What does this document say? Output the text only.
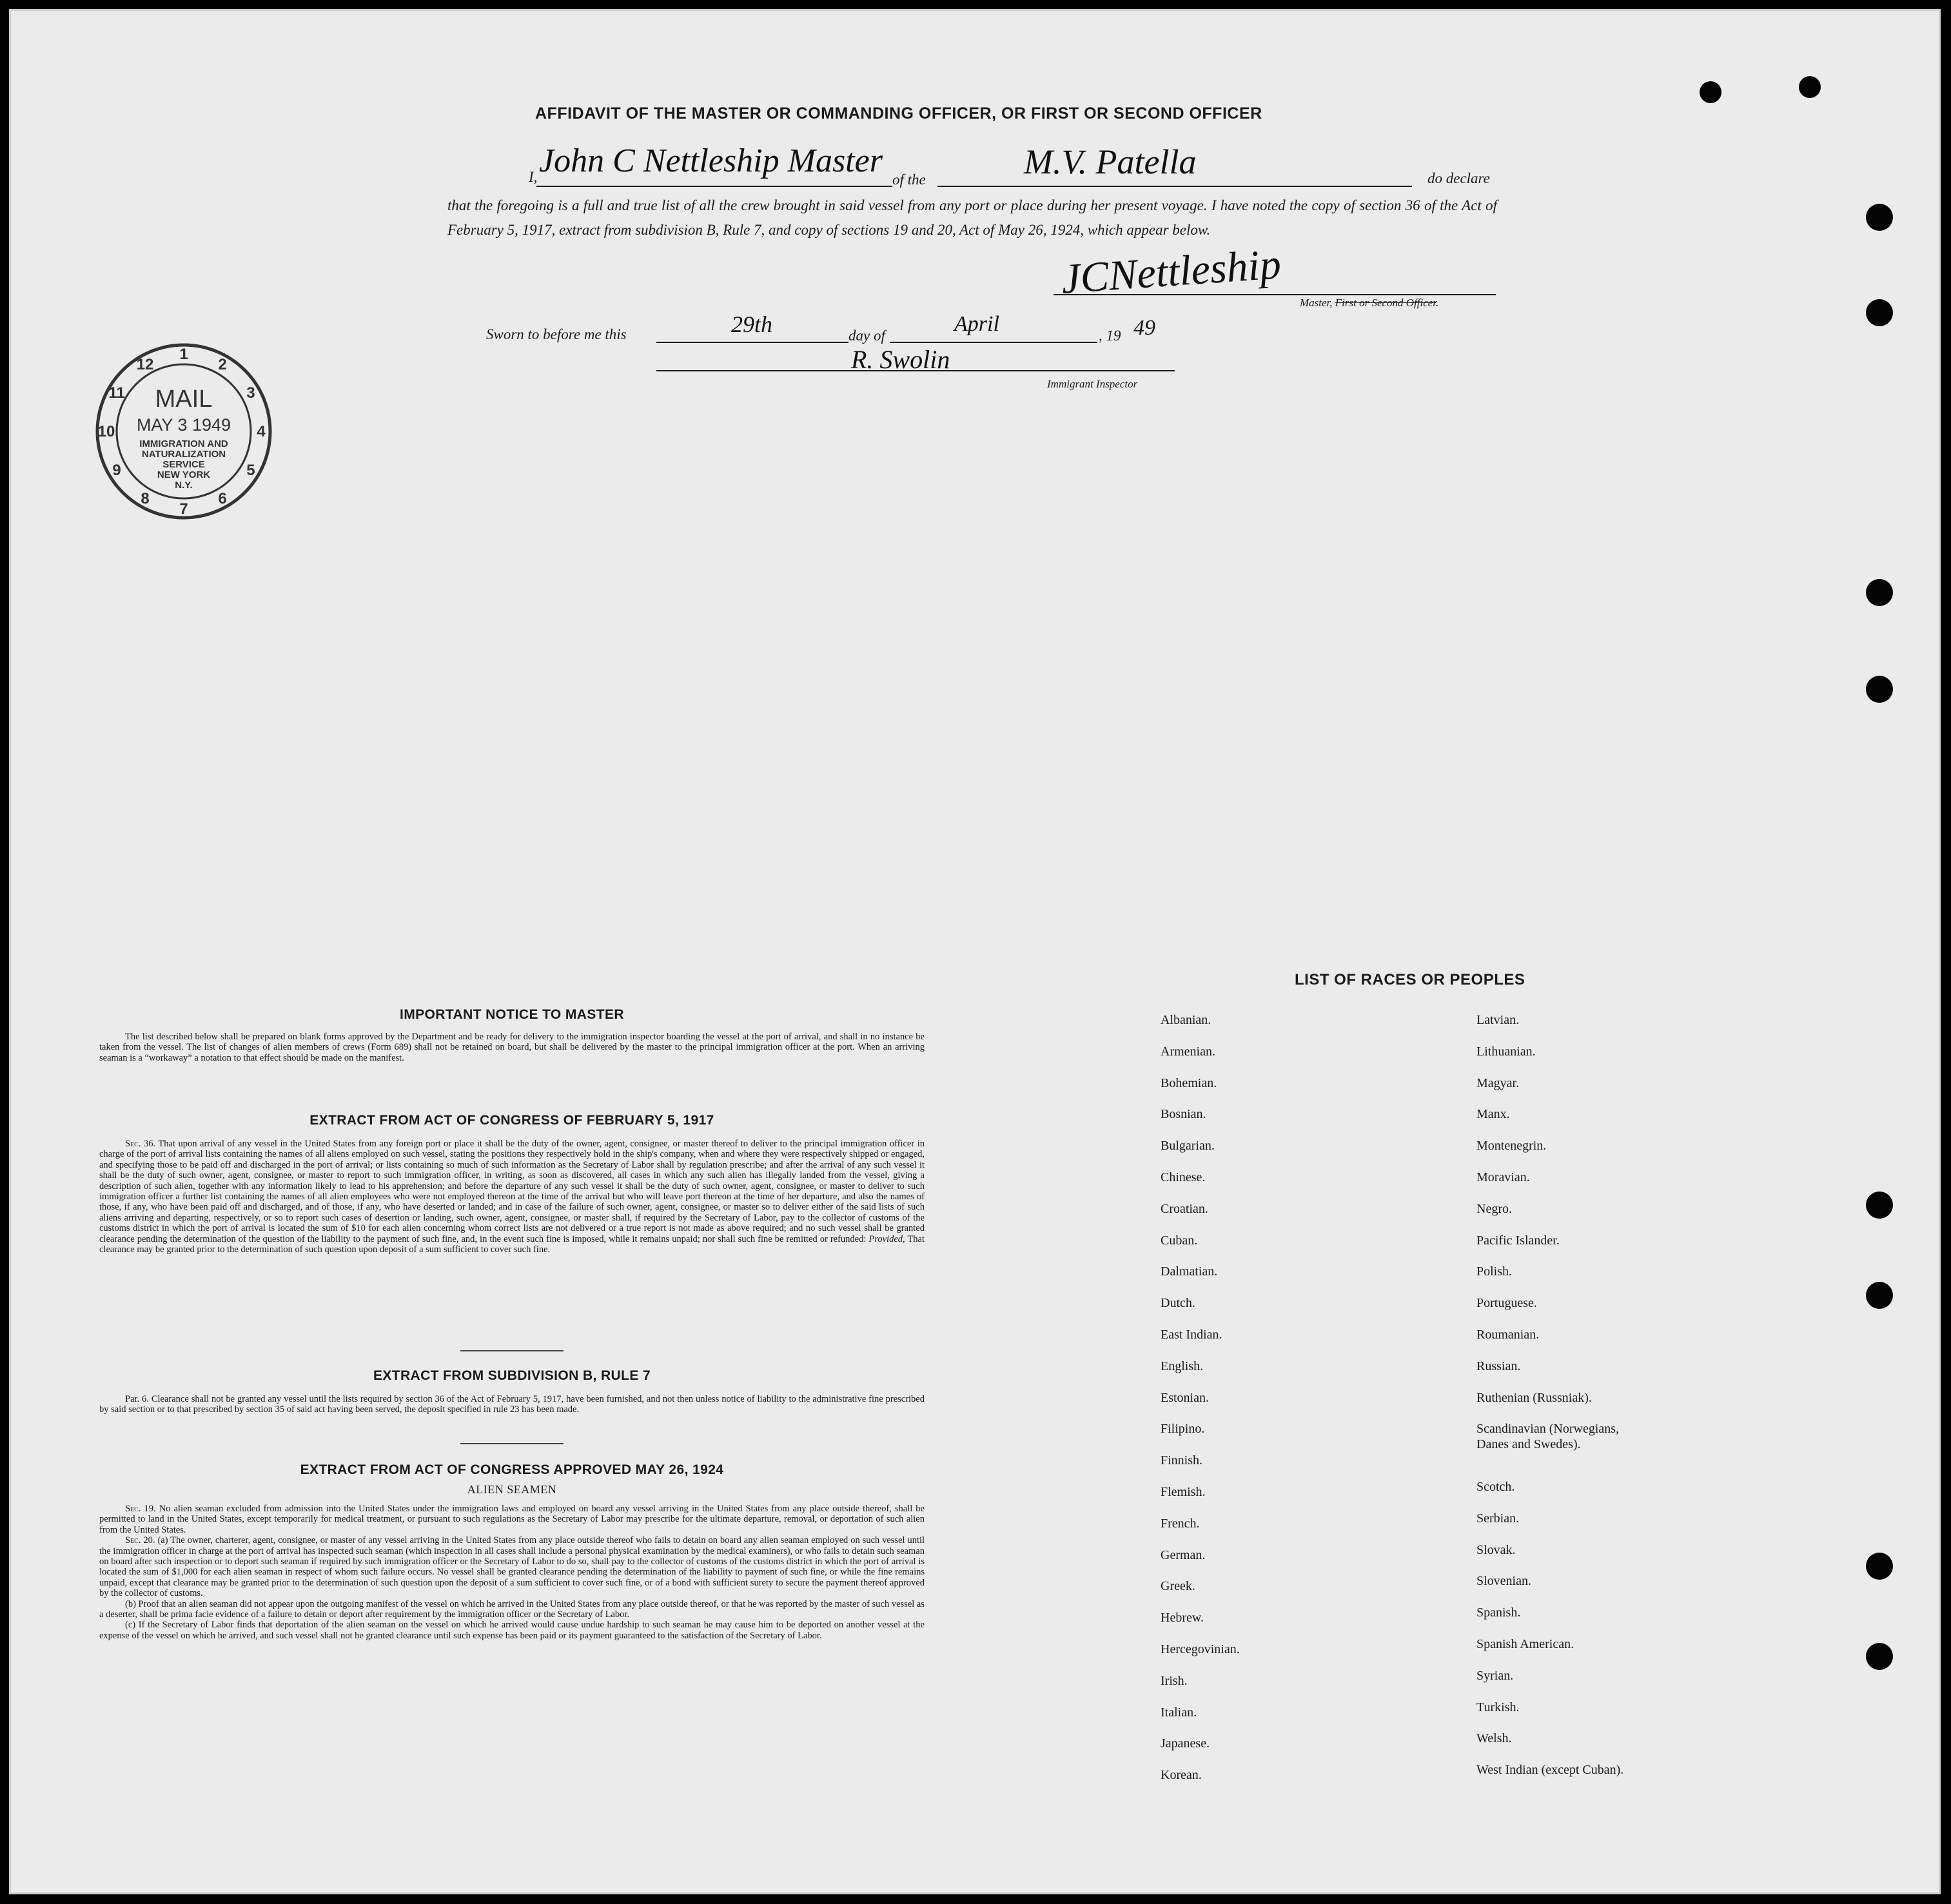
AFFIDAVIT OF THE MASTER OR COMMANDING OFFICER, OR FIRST OR SECOND OFFICER
I, John C Nettleship Master
of the	M.V. Patella	do declare
that the foregoing is a full and true list of all the crew brought in said vessel from any port or place during her present voyage. I have noted the copy of section 36 of the Act of February 5, 1917, extract from subdivision B, Rule 7, and copy of sections 19 and 20, Act of May 26, 1924, which appear below.
JCNettleship Master, First or Second Officer.
Sworn to before me this	29th	day of	April	, 19 49
R. Swolin
Immigrant Inspector
11
12
1
2
3
4
5
6
7
8
9
10
MAIL
MAY 3 1949
IMMIGRATION AND
NATURALIZATION
SERVICE
NEW YORK
N.Y.
IMPORTANT NOTICE TO MASTER
The list described below shall be prepared on blank forms approved by the Department and be ready for delivery to the immigration inspector boarding the vessel at the port of arrival, and shall in no instance be taken from the vessel. The list of changes of alien members of crews (Form 689) shall not be retained on board, but shall be delivered by the master to the principal immigration officer at the port. When an arriving seaman is a “workaway” a notation to that effect should be made on the manifest.
EXTRACT FROM ACT OF CONGRESS OF FEBRUARY 5, 1917
Sec. 36. That upon arrival of any vessel in the United States from any foreign port or place it shall be the duty of the owner, agent, consignee, or master thereof to deliver to the principal immigration officer in charge of the port of arrival lists containing the names of all aliens employed on such vessel, stating the positions they respectively hold in the ship's company, when and where they were respectively shipped or engaged, and specifying those to be paid off and discharged in the port of arrival; or lists containing so much of such information as the Secretary of Labor shall by regulation prescribe; and after the arrival of any such vessel it shall be the duty of such owner, agent, consignee, or master to report to such immigration officer, in writing, as soon as discovered, all cases in which any such alien has illegally landed from the vessel, giving a description of such alien, together with any information likely to lead to his apprehension; and before the departure of any such vessel it shall be the duty of such owner, agent, consignee, or master to deliver to such immigration officer a further list containing the names of all alien employees who were not employed thereon at the time of the arrival but who will leave port thereon at the time of her departure, and also the names of those, if any, who have been paid off and discharged, and of those, if any, who have deserted or landed; and in case of the failure of such owner, agent, consignee, or master so to deliver either of the said lists of such aliens arriving and departing, respectively, or so to report such cases of desertion or landing, such owner, agent, consignee, or master shall, if required by the Secretary of Labor, pay to the collector of customs of the customs district in which the port of arrival is located the sum of $10 for each alien concerning whom correct lists are not delivered or a true report is not made as above required; and no such vessel shall be granted clearance pending the determination of the question of the liability to the payment of such fine, and, in the event such fine is imposed, while it remains unpaid; nor shall such fine be remitted or refunded: Provided, That clearance may be granted prior to the determination of such question upon deposit of a sum sufficient to cover such fine.
EXTRACT FROM SUBDIVISION B, RULE 7
Par. 6. Clearance shall not be granted any vessel until the lists required by section 36 of the Act of February 5, 1917, have been furnished, and not then unless notice of liability to the administrative fine prescribed by said section or to that prescribed by section 35 of said act having been served, the deposit specified in rule 23 has been made.
EXTRACT FROM ACT OF CONGRESS APPROVED MAY 26, 1924
ALIEN SEAMEN
Sec. 19. No alien seaman excluded from admission into the United States under the immigration laws and employed on board any vessel arriving in the United States from any place outside thereof, shall be permitted to land in the United States, except temporarily for medical treatment, or pursuant to such regulations as the Secretary of Labor may prescribe for the ultimate departure, removal, or deportation of such alien from the United States.
Sec. 20. (a) The owner, charterer, agent, consignee, or master of any vessel arriving in the United States from any place outside thereof who fails to detain on board any alien seaman employed on such vessel until the immigration officer in charge at the port of arrival has inspected such seaman (which inspection in all cases shall include a personal physical examination by the medical examiners), or who fails to detain such seaman on board after such inspection or to deport such seaman if required by such immigration officer or the Secretary of Labor to do so, shall pay to the collector of customs of the customs district in which the port of arrival is located the sum of $1,000 for each alien seaman in respect of whom such failure occurs. No vessel shall be granted clearance pending the determination of the liability to payment of such fine, or while the fine remains unpaid, except that clearance may be granted prior to the determination of such question upon the deposit of a sum sufficient to cover such fine, or of a bond with sufficient surety to secure the payment thereof approved by the collector of customs.
(b) Proof that an alien seaman did not appear upon the outgoing manifest of the vessel on which he arrived in the United States from any place outside thereof, or that he was reported by the master of such vessel as a deserter, shall be prima facie evidence of a failure to detain or deport after requirement by the immigration officer or the Secretary of Labor.
(c) If the Secretary of Labor finds that deportation of the alien seaman on the vessel on which he arrived would cause undue hardship to such seaman he may cause him to be deported on another vessel at the expense of the vessel on which he arrived, and such vessel shall not be granted clearance until such expense has been paid or its payment guaranteed to the satisfaction of the Secretary of Labor.
LIST OF RACES OR PEOPLES
Albanian.
Armenian.
Bohemian.
Bosnian.
Bulgarian.
Chinese.
Croatian.
Cuban.
Dalmatian.
Dutch.
East Indian.
English.
Estonian.
Filipino.
Finnish.
Flemish.
French.
German.
Greek.
Hebrew.
Hercegovinian.
Irish.
Italian.
Japanese.
Korean.
Latvian.
Lithuanian.
Magyar.
Manx.
Montenegrin.
Moravian.
Negro.
Pacific Islander.
Polish.
Portuguese.
Roumanian.
Russian.
Ruthenian (Russniak).
Scandinavian (Norwegians,
Danes and Swedes).
Scotch.
Serbian.
Slovak.
Slovenian.
Spanish.
Spanish American.
Syrian.
Turkish.
Welsh.
West Indian (except Cuban).
